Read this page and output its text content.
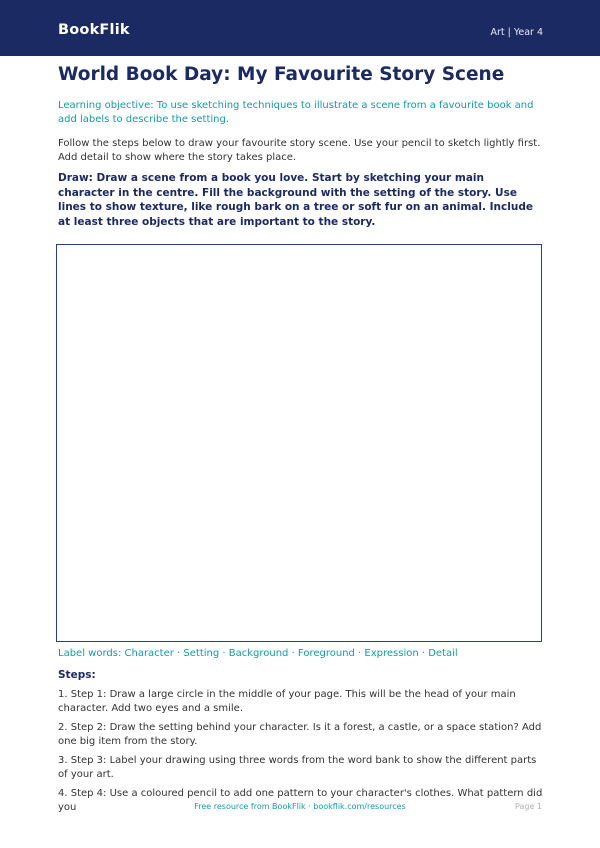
BookFlik	Art | Year 4
World Book Day: My Favourite Story Scene
Learning objective: To use sketching techniques to illustrate a scene from a favourite book and add labels to describe the setting.
Follow the steps below to draw your favourite story scene. Use your pencil to sketch lightly first. Add detail to show where the story takes place.
Draw: Draw a scene from a book you love. Start by sketching your main character in the centre. Fill the background with the setting of the story. Use lines to show texture, like rough bark on a tree or soft fur on an animal. Include at least three objects that are important to the story.
Label words: Character · Setting · Background · Foreground · Expression · Detail
Steps:
1. Step 1: Draw a large circle in the middle of your page. This will be the head of your main character. Add two eyes and a smile.
2. Step 2: Draw the setting behind your character. Is it a forest, a castle, or a space station? Add one big item from the story.
3. Step 3: Label your drawing using three words from the word bank to show the different parts of your art.
4. Step 4: Use a coloured pencil to add one pattern to your character's clothes. What pattern did you	Free resource from BookFlik · bookflik.com/resources	Page 1
